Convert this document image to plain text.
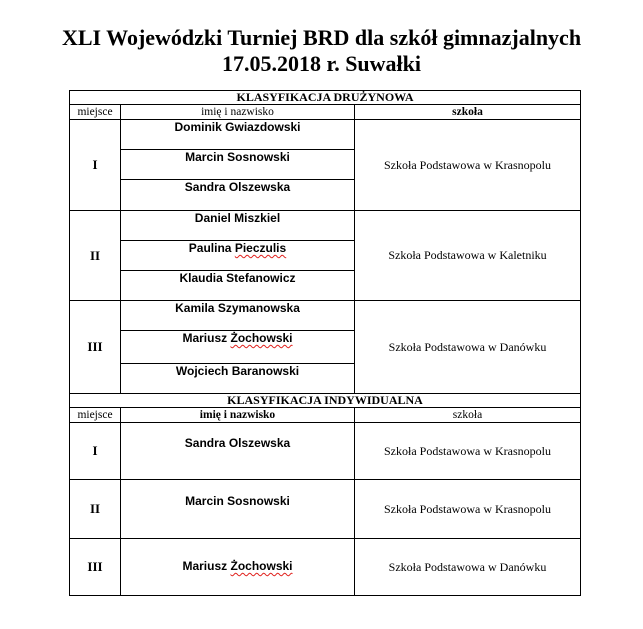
XLI Wojewódzki Turniej BRD dla szkół gimnazjalnych
17.05.2018 r. Suwałki
KLASYFIKACJA DRUŻYNOWA		
miejsce	imię i nazwisko	szkoła
I	Dominik Gwiazdowski	Szkoła Podstawowa w Krasnopolu
	Marcin Sosnowski	
	Sandra Olszewska	
II	Daniel Miszkiel	Szkoła Podstawowa w Kaletniku
	Paulina Pieczulis	
	Klaudia Stefanowicz	
III	Kamila Szymanowska	Szkoła Podstawowa w Danówku
	Mariusz Żochowski	
	Wojciech Baranowski	
KLASYFIKACJA INDYWIDUALNA		
miejsce	imię i nazwisko	szkoła
I	Sandra Olszewska	Szkoła Podstawowa w Krasnopolu
II	Marcin Sosnowski	Szkoła Podstawowa w Krasnopolu
III	Mariusz Żochowski	Szkoła Podstawowa w Danówku
